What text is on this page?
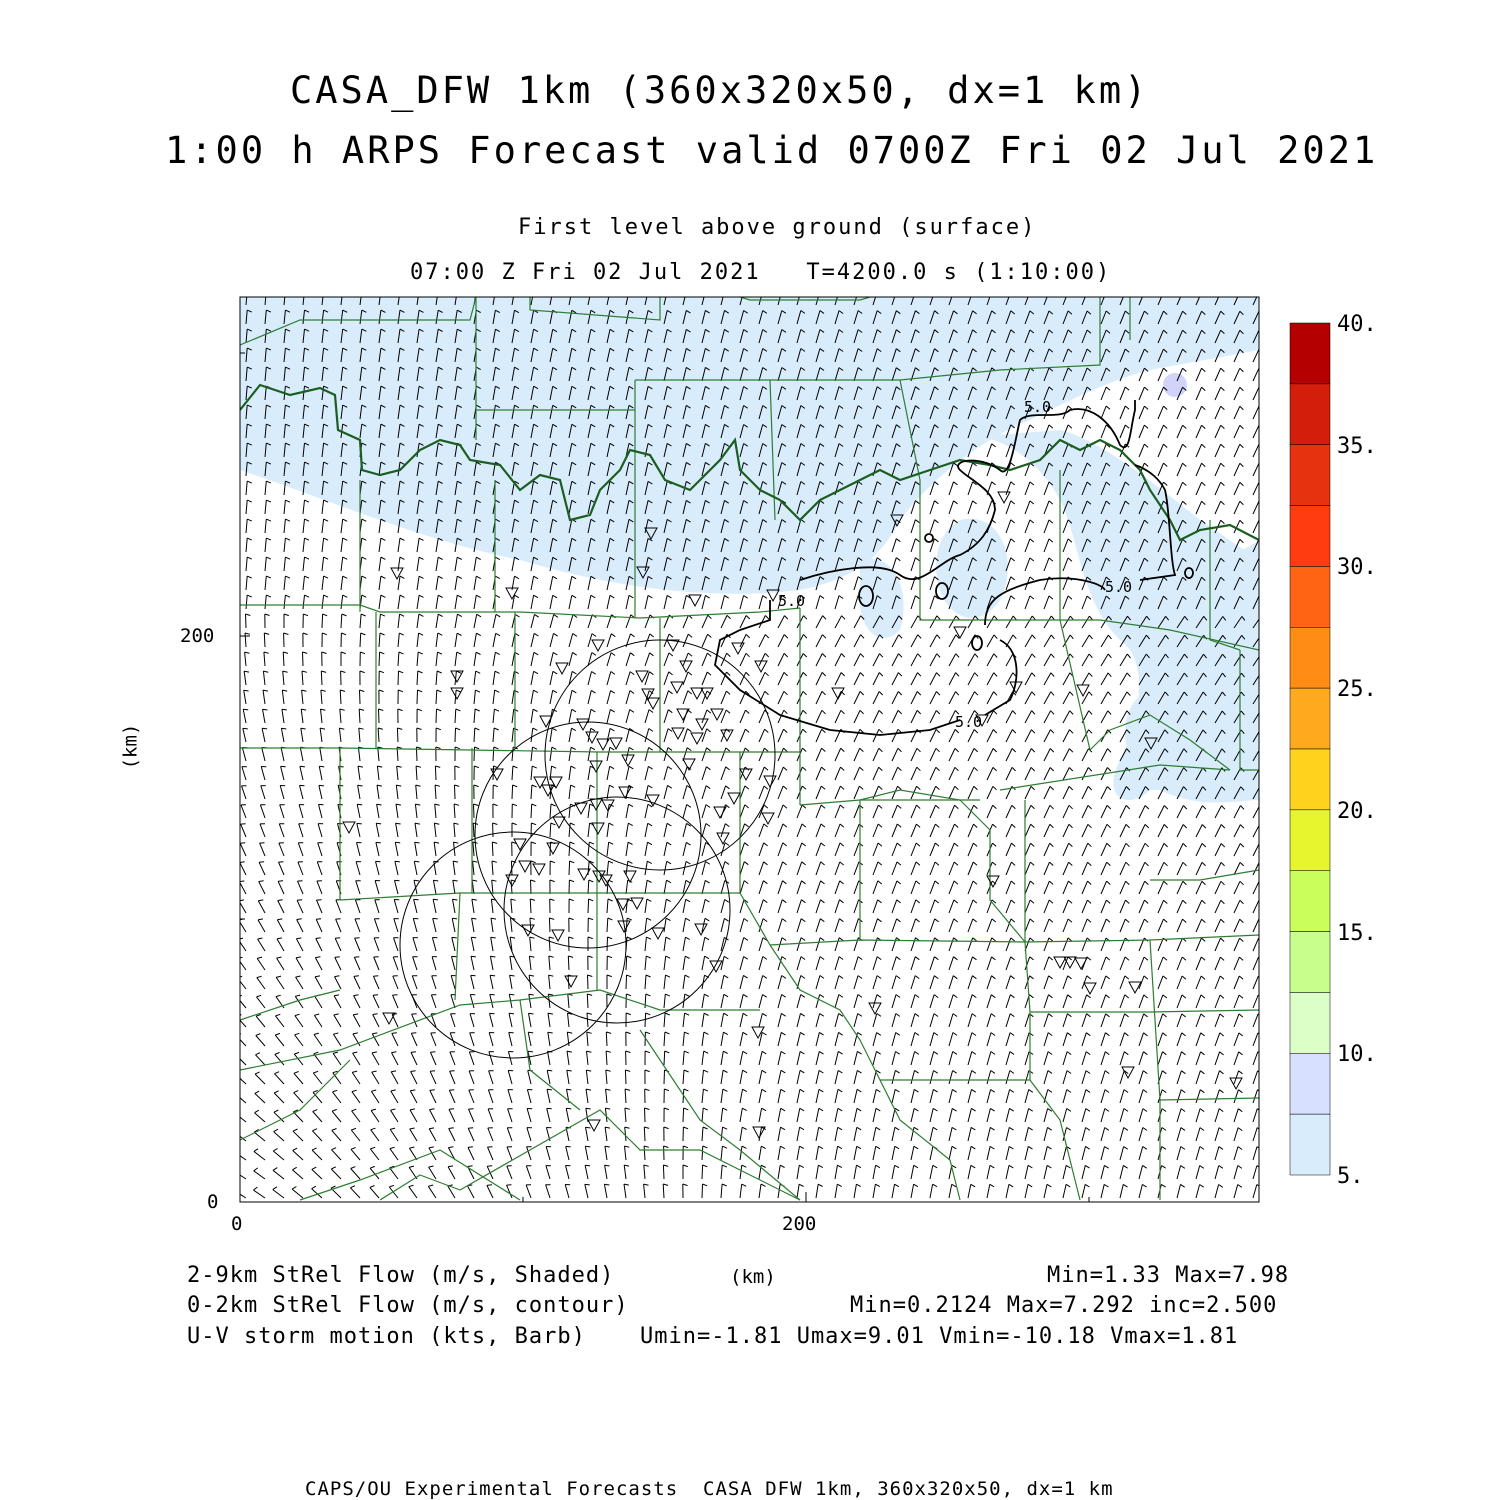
CASA_DFW 1km (360x320x50, dx=1 km)
1:00 h ARPS Forecast valid 0700Z Fri 02 Jul 2021
First level above ground (surface)
07:00 Z Fri 02 Jul 2021   T=4200.0 s (1:10:00)
5.0
5.0
5.0
5.0
200
0
0	200
(km)
40.
35.
30.
25.
20.
15.
10.
5.
2-9km StRel Flow (m/s, Shaded)	(km)	Min=1.33 Max=7.98
0-2km StRel Flow (m/s, contour)	Min=0.2124 Max=7.292 inc=2.500
U-V storm motion (kts, Barb) Umin=-1.81 Umax=9.01 Vmin=-10.18 Vmax=1.81
CAPS/OU Experimental Forecasts  CASA DFW 1km, 360x320x50, dx=1 km
